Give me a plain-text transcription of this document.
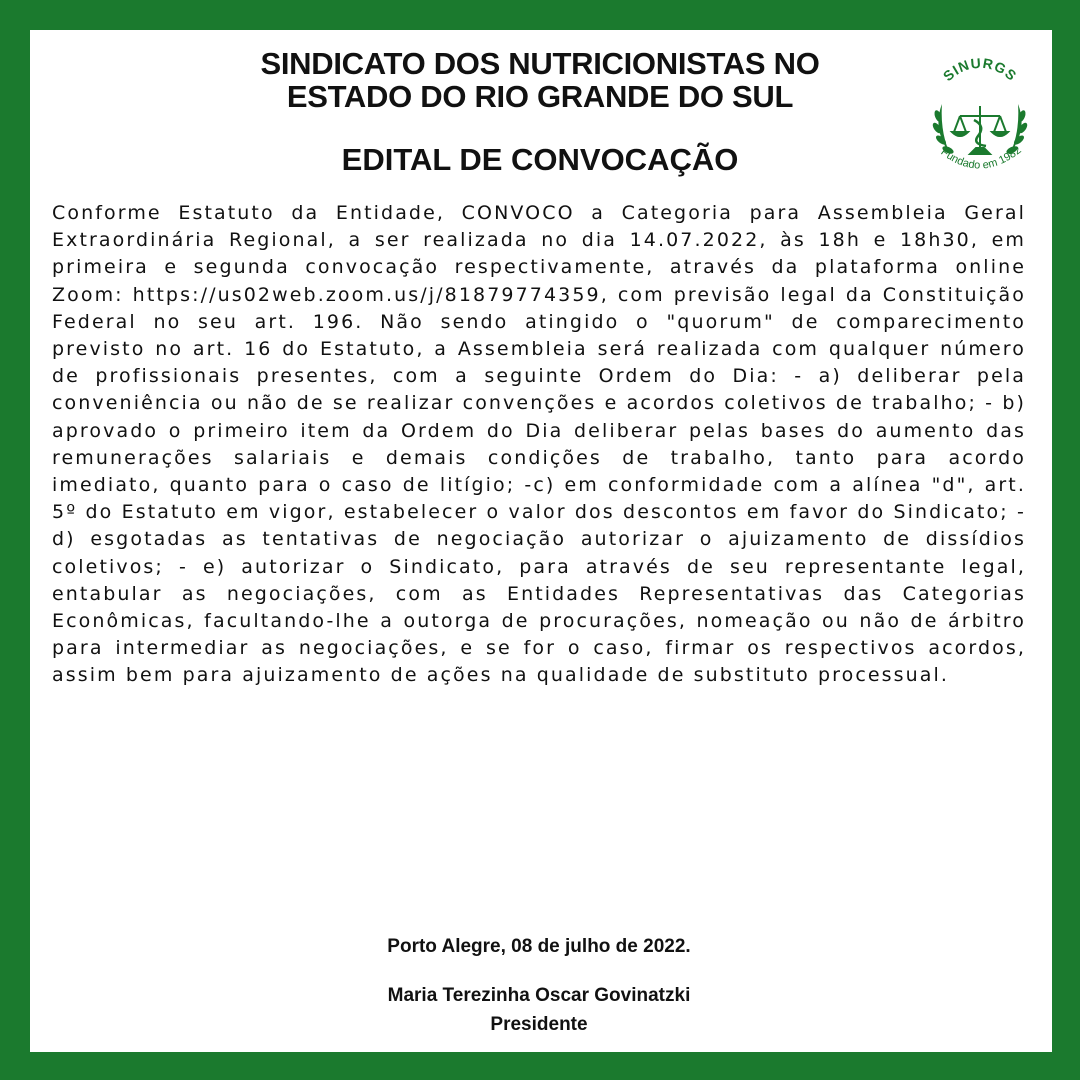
SINDICATO DOS NUTRICIONISTAS NO
ESTADO DO RIO GRANDE DO SUL
EDITAL DE CONVOCAÇÃO
SINURGS
Fundado em 1982

Conforme Estatuto da Entidade, CONVOCO a Categoria para Assembleia Geral Extraordinária Regional, a ser realizada no dia 14.07.2022, às 18h e 18h30, em primeira e segunda convocação respectivamente, através da plataforma online Zoom: https://us02web.zoom.us/j/81879774359, com previsão legal da Constituição Federal no seu art. 196. Não sendo atingido o "quorum" de comparecimento previsto no art. 16 do Estatuto, a Assembleia será realizada com qualquer número de profissionais presentes, com a seguinte Ordem do Dia: - a) deliberar pela conveniência ou não de se realizar convenções e acordos coletivos de trabalho; - b) aprovado o primeiro item da Ordem do Dia deliberar pelas bases do aumento das remunerações salariais e demais condições de trabalho, tanto para acordo imediato, quanto para o caso de litígio; -c) em conformidade com a alínea "d", art. 5º do Estatuto em vigor, estabelecer o valor dos descontos em favor do Sindicato; -d) esgotadas as tentativas de negociação autorizar o ajuizamento de dissídios coletivos; - e) autorizar o Sindicato, para através de seu representante legal, entabular as negociações, com as Entidades Representativas das Categorias Econômicas, facultando-lhe a outorga de procurações, nomeação ou não de árbitro para intermediar as negociações, e se for o caso, firmar os respectivos acordos, assim bem para ajuizamento de ações na qualidade de substituto processual.

Porto Alegre, 08 de julho de 2022.
Maria Terezinha Oscar Govinatzki
Presidente
